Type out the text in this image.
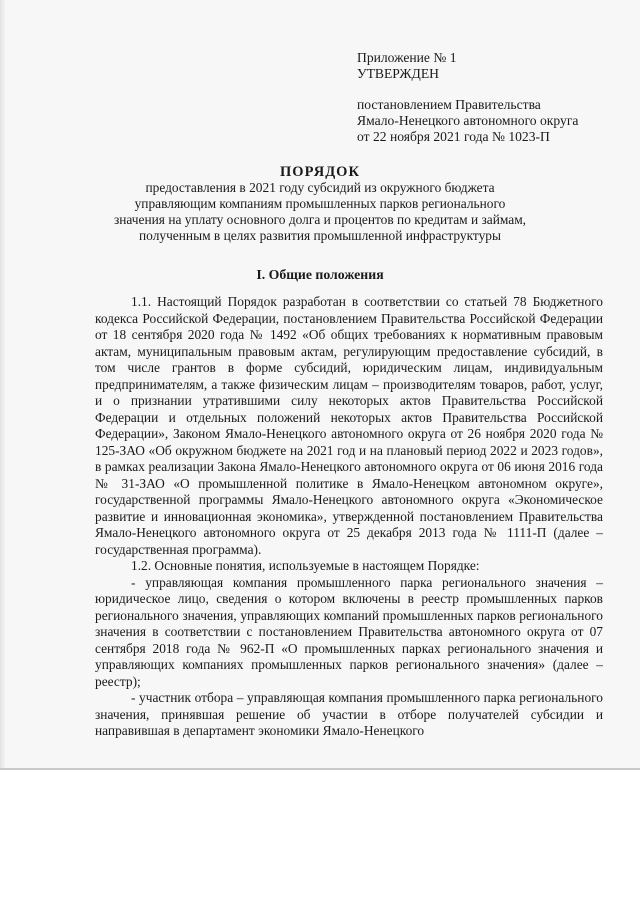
Приложение № 1
УТВЕРЖДЕН
постановлением Правительства
Ямало-Ненецкого автономного округа
от 22 ноября 2021 года № 1023-П
ПОРЯДОК
предоставления в 2021 году субсидий из окружного бюджета управляющим компаниям промышленных парков регионального значения на уплату основного долга и процентов по кредитам и займам, полученным в целях развития промышленной инфраструктуры
I. Общие положения

1.1. Настоящий Порядок разработан в соответствии со статьей 78 Бюджетного кодекса Российской Федерации, постановлением Правительства Российской Федерации от 18 сентября 2020 года № 1492 «Об общих требованиях к нормативным правовым актам, муниципальным правовым актам, регулирующим предоставление субсидий, в том числе грантов в форме субсидий, юридическим лицам, индивидуальным предпринимателям, а также физическим лицам – производителям товаров, работ, услуг, и о признании утратившими силу некоторых актов Правительства Российской Федерации и отдельных положений некоторых актов Правительства Российской Федерации», Законом Ямало-Ненецкого автономного округа от 26 ноября 2020 года № 125-ЗАО «Об окружном бюджете на 2021 год и на плановый период 2022 и 2023 годов», в рамках реализации Закона Ямало-Ненецкого автономного округа от 06 июня 2016 года № 31-ЗАО «О промышленной политике в Ямало-Ненецком автономном округе», государственной программы Ямало-Ненецкого автономного округа «Экономическое развитие и инновационная экономика», утвержденной постановлением Правительства Ямало-Ненецкого автономного округа от 25 декабря 2013 года № 1111-П (далее – государственная программа).

1.2. Основные понятия, используемые в настоящем Порядке:

- управляющая компания промышленного парка регионального значения – юридическое лицо, сведения о котором включены в реестр промышленных парков регионального значения, управляющих компаний промышленных парков регионального значения в соответствии с постановлением Правительства автономного округа от 07 сентября 2018 года № 962-П «О промышленных парках регионального значения и управляющих компаниях промышленных парков регионального значения» (далее – реестр);

- участник отбора – управляющая компания промышленного парка регионального значения, принявшая решение об участии в отборе получателей субсидии и направившая в департамент экономики Ямало-Ненецкого
